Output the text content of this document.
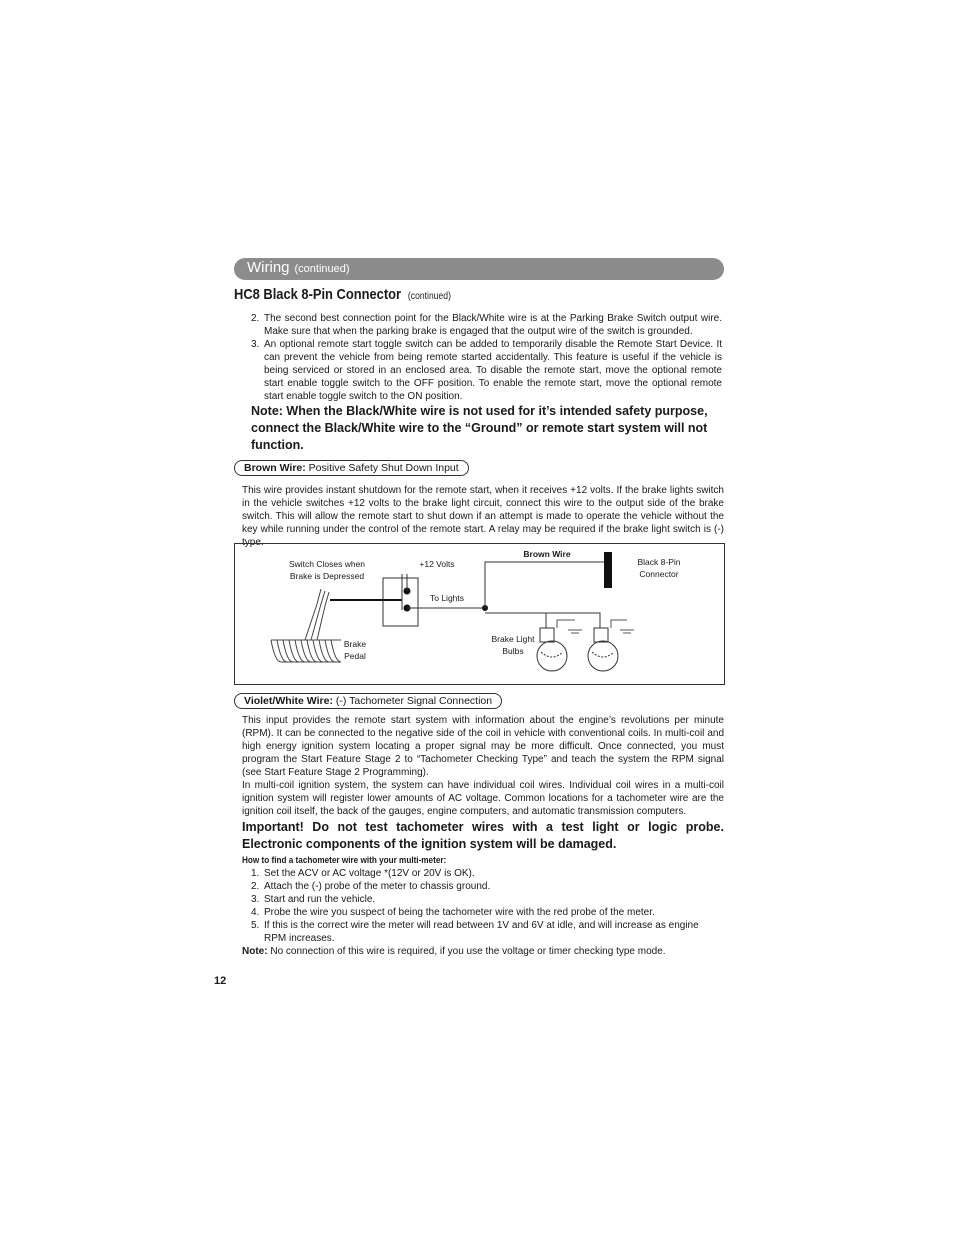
Wiring (continued)
HC8 Black 8-Pin Connector (continued)
2. The second best connection point for the Black/White wire is at the Parking Brake Switch output wire. Make sure that when the parking brake is engaged that the output wire of the switch is grounded.
3. An optional remote start toggle switch can be added to temporarily disable the Remote Start Device. It can prevent the vehicle from being remote started accidentally. This feature is useful if the vehicle is being serviced or stored in an enclosed area. To disable the remote start, move the optional remote start enable toggle switch to the OFF position. To enable the remote start, move the optional remote start enable toggle switch to the ON position.
Note: When the Black/White wire is not used for it’s intended safety purpose, connect the Black/White wire to the “Ground” or remote start system will not function.
Brown Wire: Positive Safety Shut Down Input
This wire provides instant shutdown for the remote start, when it receives +12 volts. If the brake lights switch in the vehicle switches +12 volts to the brake light circuit, connect this wire to the output side of the brake switch. This will allow the remote start to shut down if an attempt is made to operate the vehicle without the key while running under the control of the remote start. A relay may be required if the brake light switch is (-) type.
Switch Closes when
Brake is Depressed
+12 Volts
To Lights
Brown Wire
Black 8-Pin
Connector
Brake
Pedal
Brake Light
Bulbs
Violet/White Wire: (-) Tachometer Signal Connection

This input provides the remote start system with information about the engine’s revolutions per minute (RPM). It can be connected to the negative side of the coil in vehicle with conventional coils. In multi-coil and high energy ignition system locating a proper signal may be more difficult. Once connected, you must program the Start Feature Stage 2 to “Tachometer Checking Type” and teach the system the RPM signal (see Start Feature Stage 2 Programming).

In multi-coil ignition system, the system can have individual coil wires. Individual coil wires in a multi-coil ignition system will register lower amounts of AC voltage. Common locations for a tachometer wire are the ignition coil itself, the back of the gauges, engine computers, and automatic transmission computers.

Important! Do not test tachometer wires with a test light or logic probe. Electronic components of the ignition system will be damaged.
How to find a tachometer wire with your multi-meter:
1. Set the ACV or AC voltage *(12V or 20V is OK).
2. Attach the (-) probe of the meter to chassis ground.
3. Start and run the vehicle.
4. Probe the wire you suspect of being the tachometer wire with the red probe of the meter.
5. If this is the correct wire the meter will read between 1V and 6V at idle, and will increase as engine RPM increases.
Note: No connection of this wire is required, if you use the voltage or timer checking type mode.
12
